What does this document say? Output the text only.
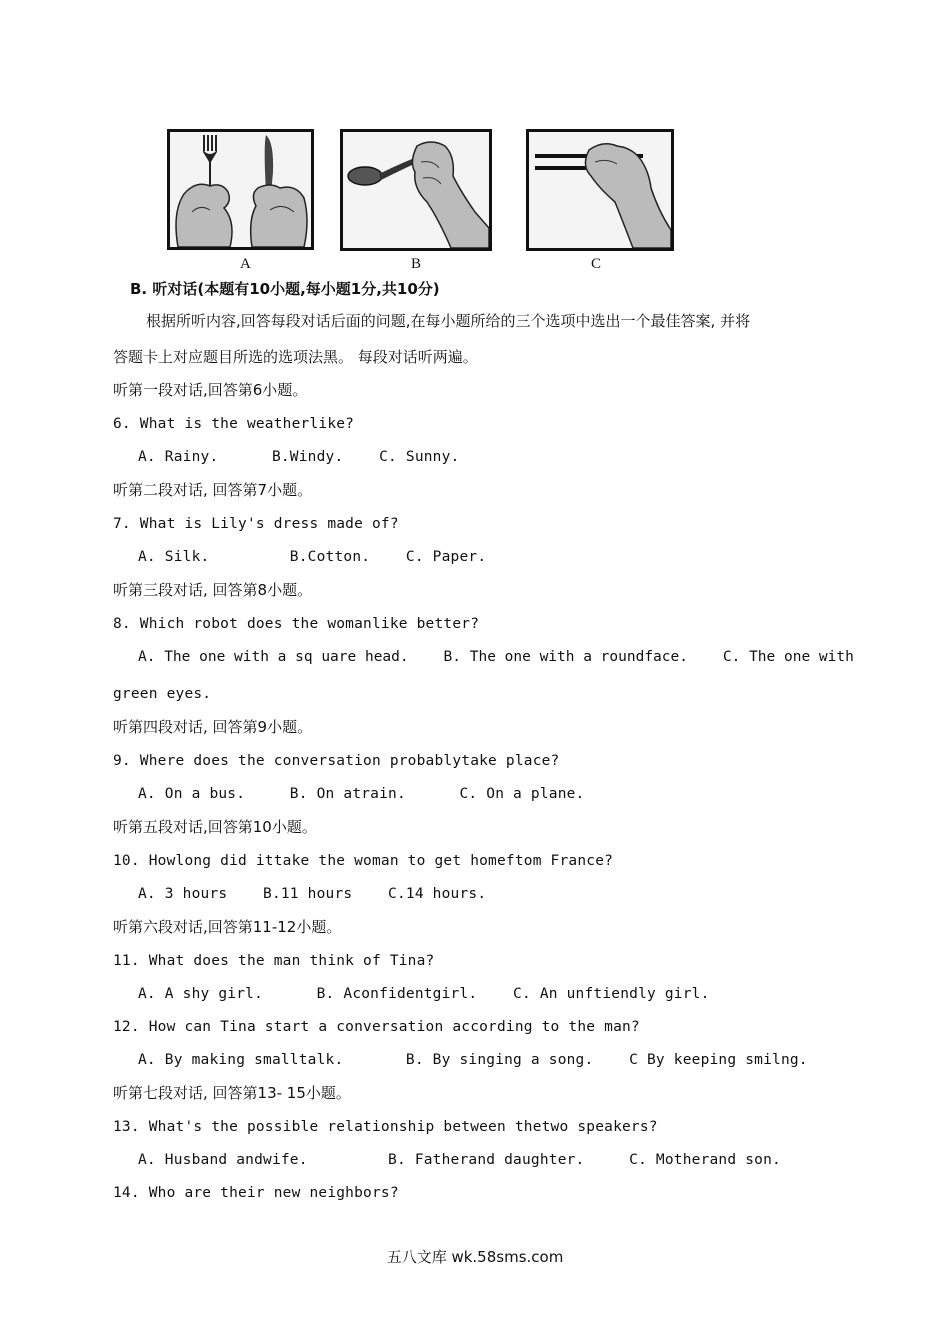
A	B	C
B. 听对话(本题有10小题,每小题1分,共10分)
根据所听内容,回答每段对话后面的问题,在每小题所给的三个选项中选出一个最佳答案, 并将
答题卡上对应题目所选的选项法黑。 每段对话听两遍。
听第一段对话,回答第6小题。
6. What is the weatherlike?
A. Rainy.      B.Windy.    C. Sunny.
听第二段对话, 回答第7小题。
7. What is Lily's dress made of?
A. Silk.         B.Cotton.    C. Paper.
听第三段对话, 回答第8小题。
8. Which robot does the womanlike better?
A. The one with a sq uare head.    B. The one with a roundface.    C. The one with
green eyes.
听第四段对话, 回答第9小题。
9. Where does the conversation probablytake place?
A. On a bus.     B. On atrain.      C. On a plane.
听第五段对话,回答第10小题。
10. Howlong did ittake the woman to get homeftom France?
A. 3 hours    B.11 hours    C.14 hours.
听第六段对话,回答第11-12小题。
11. What does the man think of Tina?
A. A shy girl.      B. Aconfidentgirl.    C. An unftiendly girl.
12. How can Tina start a conversation according to the man?
A. By making smalltalk.       B. By singing a song.    C By keeping smilng.
听第七段对话, 回答第13- 15小题。
13. What's the possible relationship between thetwo speakers?
A. Husband andwife.         B. Fatherand daughter.     C. Motherand son.
14. Who are their new neighbors?
五八文库 wk.58sms.com
